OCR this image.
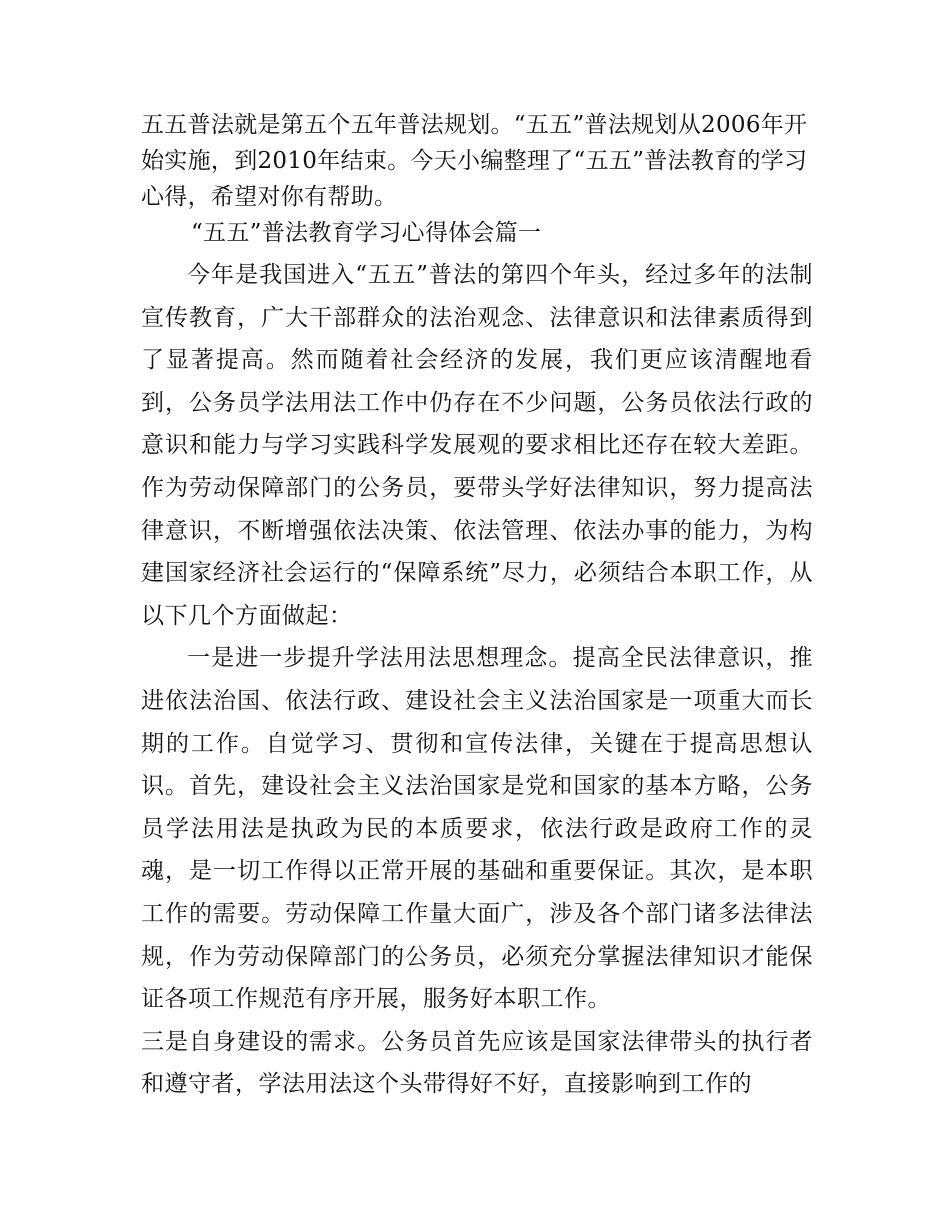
五五普法就是第五个五年普法规划。“五五”普法规划从2006年开始实施，到2010年结束。今天小编整理了“五五”普法教育的学习心得，希望对你有帮助。

“五五”普法教育学习心得体会篇一

今年是我国进入“五五”普法的第四个年头，经过多年的法制宣传教育，广大干部群众的法治观念、法律意识和法律素质得到了显著提高。然而随着社会经济的发展，我们更应该清醒地看到，公务员学法用法工作中仍存在不少问题，公务员依法行政的意识和能力与学习实践科学发展观的要求相比还存在较大差距。作为劳动保障部门的公务员，要带头学好法律知识，努力提高法律意识，不断增强依法决策、依法管理、依法办事的能力，为构建国家经济社会运行的“保障系统”尽力，必须结合本职工作，从以下几个方面做起：

一是进一步提升学法用法思想理念。提高全民法律意识，推进依法治国、依法行政、建设社会主义法治国家是一项重大而长期的工作。自觉学习、贯彻和宣传法律，关键在于提高思想认识。首先，建设社会主义法治国家是党和国家的基本方略，公务员学法用法是执政为民的本质要求，依法行政是政府工作的灵魂，是一切工作得以正常开展的基础和重要保证。其次，是本职工作的需要。劳动保障工作量大面广，涉及各个部门诸多法律法规，作为劳动保障部门的公务员，必须充分掌握法律知识才能保证各项工作规范有序开展，服务好本职工作。

三是自身建设的需求。公务员首先应该是国家法律带头的执行者和遵守者，学法用法这个头带得好不好，直接影响到工作的
